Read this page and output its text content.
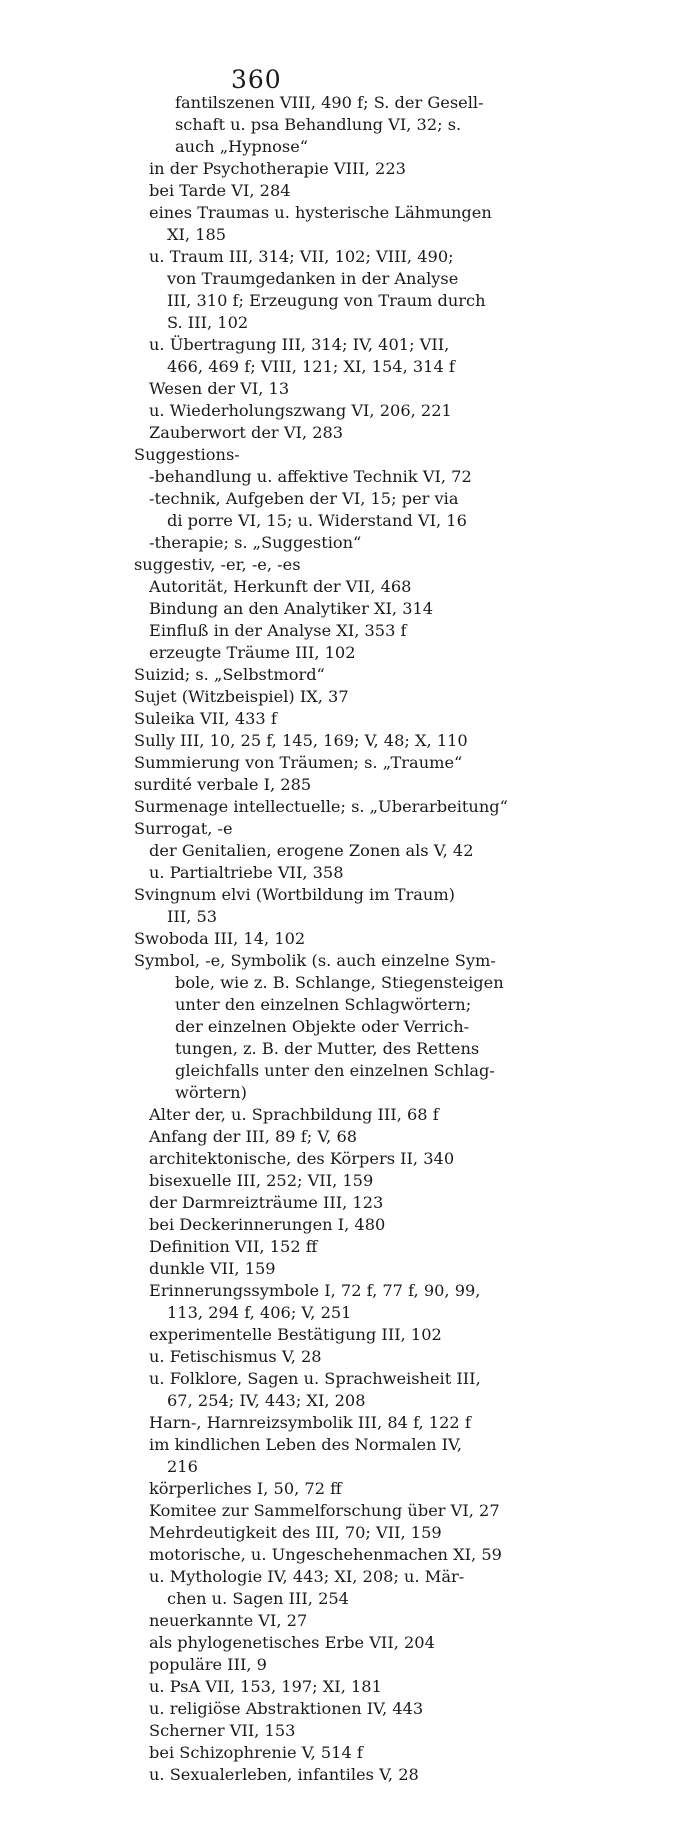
360
fantilszenen VIII, 490 f; S. der Gesell-
schaft u. psa Behandlung VI, 32; s.
auch „Hypnose“
in der Psychotherapie VIII, 223
bei Tarde VI, 284
eines Traumas u. hysterische Lähmungen
XI, 185
u. Traum III, 314; VII, 102; VIII, 490;
von Traumgedanken in der Analyse
III, 310 f; Erzeugung von Traum durch
S. III, 102
u. Übertragung III, 314; IV, 401; VII,
466, 469 f; VIII, 121; XI, 154, 314 f
Wesen der VI, 13
u. Wiederholungszwang VI, 206, 221
Zauberwort der VI, 283
Suggestions-
-behandlung u. affektive Technik VI, 72
-technik, Aufgeben der VI, 15; per via
di porre VI, 15; u. Widerstand VI, 16
-therapie; s. „Suggestion“
suggestiv, -er, -e, -es
Autorität, Herkunft der VII, 468
Bindung an den Analytiker XI, 314
Einfluß in der Analyse XI, 353 f
erzeugte Träume III, 102
Suizid; s. „Selbstmord“
Sujet (Witzbeispiel) IX, 37
Suleika VII, 433 f
Sully III, 10, 25 f, 145, 169; V, 48; X, 110
Summierung von Träumen; s. „Traume“
surdité verbale I, 285
Surmenage intellectuelle; s. „Uberarbeitung“
Surrogat, -e
der Genitalien, erogene Zonen als V, 42
u. Partialtriebe VII, 358
Svingnum elvi (Wortbildung im Traum)
III, 53
Swoboda III, 14, 102
Symbol, -e, Symbolik (s. auch einzelne Sym-
bole, wie z. B. Schlange, Stiegensteigen
unter den einzelnen Schlagwörtern;
der einzelnen Objekte oder Verrich-
tungen, z. B. der Mutter, des Rettens
gleichfalls unter den einzelnen Schlag-
wörtern)
Alter der, u. Sprachbildung III, 68 f
Anfang der III, 89 f; V, 68
architektonische, des Körpers II, 340
bisexuelle III, 252; VII, 159
der Darmreizträume III, 123
bei Deckerinnerungen I, 480
Definition VII, 152 ff
dunkle VII, 159
Erinnerungssymbole I, 72 f, 77 f, 90, 99,
113, 294 f, 406; V, 251
experimentelle Bestätigung III, 102
u. Fetischismus V, 28
u. Folklore, Sagen u. Sprachweisheit III,
67, 254; IV, 443; XI, 208
Harn-, Harnreizsymbolik III, 84 f, 122 f
im kindlichen Leben des Normalen IV,
216
körperliches I, 50, 72 ff
Komitee zur Sammelforschung über VI, 27
Mehrdeutigkeit des III, 70; VII, 159
motorische, u. Ungeschehenmachen XI, 59
u. Mythologie IV, 443; XI, 208; u. Mär-
chen u. Sagen III, 254
neuerkannte VI, 27
als phylogenetisches Erbe VII, 204
populäre III, 9
u. PsA VII, 153, 197; XI, 181
u. religiöse Abstraktionen IV, 443
Scherner VII, 153
bei Schizophrenie V, 514 f
u. Sexualerleben, infantiles V, 28
